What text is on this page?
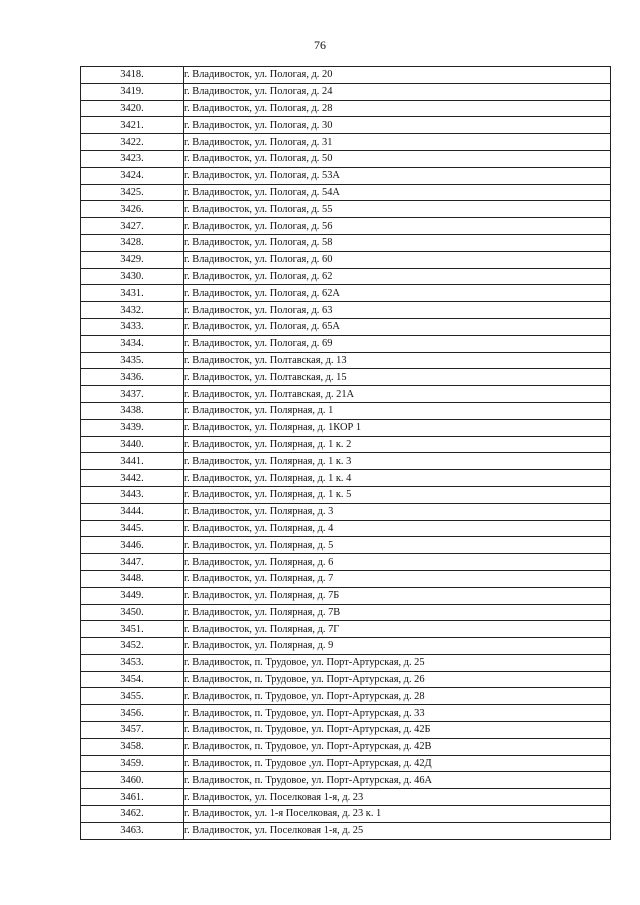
76
3418.	г. Владивосток, ул. Пологая, д. 20
3419.	г. Владивосток, ул. Пологая, д. 24
3420.	г. Владивосток, ул. Пологая, д. 28
3421.	г. Владивосток, ул. Пологая, д. 30
3422.	г. Владивосток, ул. Пологая, д. 31
3423.	г. Владивосток, ул. Пологая, д. 50
3424.	г. Владивосток, ул. Пологая, д. 53А
3425.	г. Владивосток, ул. Пологая, д. 54А
3426.	г. Владивосток, ул. Пологая, д. 55
3427.	г. Владивосток, ул. Пологая, д. 56
3428.	г. Владивосток, ул. Пологая, д. 58
3429.	г. Владивосток, ул. Пологая, д. 60
3430.	г. Владивосток, ул. Пологая, д. 62
3431.	г. Владивосток, ул. Пологая, д. 62А
3432.	г. Владивосток, ул. Пологая, д. 63
3433.	г. Владивосток, ул. Пологая, д. 65А
3434.	г. Владивосток, ул. Пологая, д. 69
3435.	г. Владивосток, ул. Полтавская, д. 13
3436.	г. Владивосток, ул. Полтавская, д. 15
3437.	г. Владивосток, ул. Полтавская, д. 21А
3438.	г. Владивосток, ул. Полярная, д. 1
3439.	г. Владивосток, ул. Полярная, д. 1КОР 1
3440.	г. Владивосток, ул. Полярная, д. 1 к. 2
3441.	г. Владивосток, ул. Полярная, д. 1 к. 3
3442.	г. Владивосток, ул. Полярная, д. 1 к. 4
3443.	г. Владивосток, ул. Полярная, д. 1 к. 5
3444.	г. Владивосток, ул. Полярная, д. 3
3445.	г. Владивосток, ул. Полярная, д. 4
3446.	г. Владивосток, ул. Полярная, д. 5
3447.	г. Владивосток, ул. Полярная, д. 6
3448.	г. Владивосток, ул. Полярная, д. 7
3449.	г. Владивосток, ул. Полярная, д. 7Б
3450.	г. Владивосток, ул. Полярная, д. 7В
3451.	г. Владивосток, ул. Полярная, д. 7Г
3452.	г. Владивосток, ул. Полярная, д. 9
3453.	г. Владивосток, п. Трудовое, ул. Порт-Артурская, д. 25
3454.	г. Владивосток, п. Трудовое, ул. Порт-Артурская, д. 26
3455.	г. Владивосток, п. Трудовое, ул. Порт-Артурская, д. 28
3456.	г. Владивосток, п. Трудовое, ул. Порт-Артурская, д. 33
3457.	г. Владивосток, п. Трудовое, ул. Порт-Артурская, д. 42Б
3458.	г. Владивосток, п. Трудовое, ул. Порт-Артурская, д. 42В
3459.	г. Владивосток, п. Трудовое ,ул. Порт-Артурская, д. 42Д
3460.	г. Владивосток, п. Трудовое, ул. Порт-Артурская, д. 46А
3461.	г. Владивосток, ул. Поселковая 1-я, д. 23
3462.	г. Владивосток, ул. 1-я Поселковая, д. 23 к. 1
3463.	г. Владивосток, ул. Поселковая 1-я, д. 25
